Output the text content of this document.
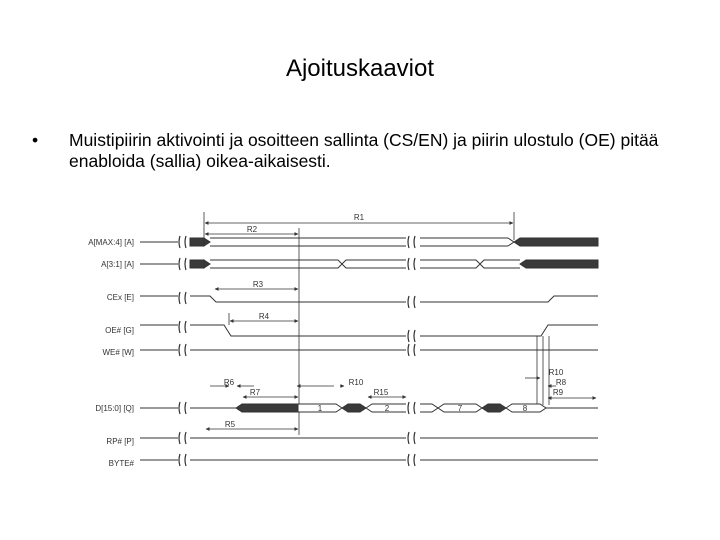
Ajoituskaaviot
• Muistipiirin aktivointi ja osoitteen sallinta (CS/EN) ja piirin ulostulo (OE) pitää enabloida (sallia) oikea-aikaisesti.
A[MAX:4] [A]
A[3:1] [A]
CEx [E]
OE# [G]
WE# [W]
D[15:0] [Q]
RP# [P]
BYTE#
1	2	7	8
R1
R2
R3
R4
R6
R7
R10
R15
R5
R10
R8
R9
